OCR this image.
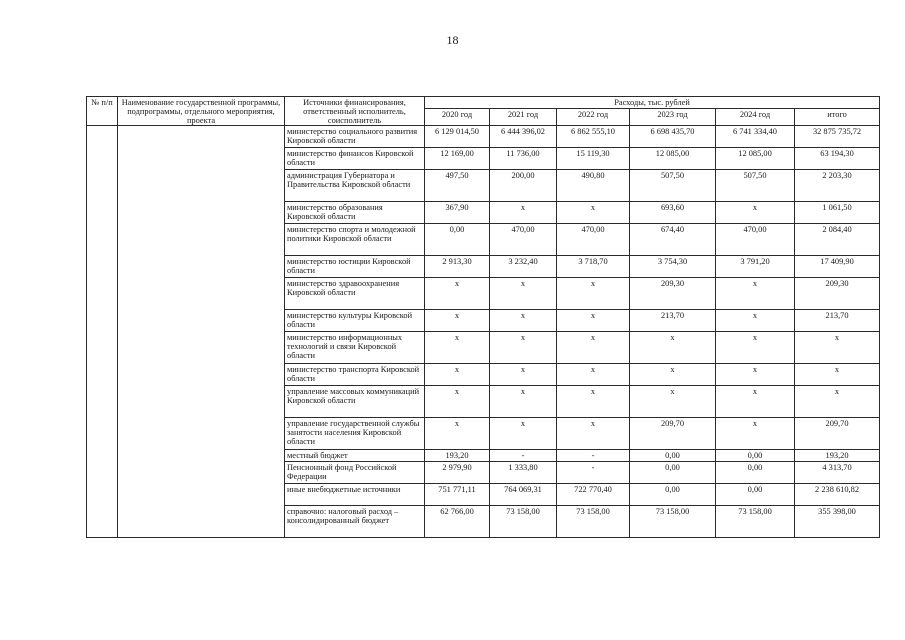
18
№ п/п	Наименование государственной программы, подпрограммы, отдельного мероприятия, проекта	Источники финансирования, ответственный исполнитель, соисполнитель	Расходы, тыс. рублей					
			2020 год	2021 год	2022 год	2023 год	2024 год	итого
		министерство социального развития Кировской области	6 129 014,50	6 444 396,02	6 862 555,10	6 698 435,70	6 741 334,40	32 875 735,72
		министерство финансов Кировской области	12 169,00	11 736,00	15 119,30	12 085,00	12 085,00	63 194,30
		администрация Губернатора и Правительства Кировской области	497,50	200,00	490,80	507,50	507,50	2 203,30
		министерство образования Кировской области	367,90	х	х	693,60	х	1 061,50
		министерство спорта и молодежной политики Кировской области	0,00	470,00	470,00	674,40	470,00	2 084,40
		министерство юстиции Кировской области	2 913,30	3 232,40	3 718,70	3 754,30	3 791,20	17 409,90
		министерство здравоохранения Кировской области	х	х	х	209,30	х	209,30
		министерство культуры Кировской области	х	х	х	213,70	х	213,70
		министерство информационных технологий и связи Кировской области	х	х	х	х	х	х
		министерство транспорта Кировской области	х	х	х	х	х	х
		управление массовых коммуникаций Кировской области	х	х	х	х	х	х
		управление государственной службы занятости населения Кировской области	х	х	х	209,70	х	209,70
		местный бюджет	193,20	-	-	0,00	0,00	193,20
		Пенсионный фонд Российской Федерации	2 979,90	1 333,80	-	0,00	0,00	4 313,70
		иные внебюджетные источники	751 771,11	764 069,31	722 770,40	0,00	0,00	2 238 610,82
		справочно: налоговый расход – консолидированный бюджет	62 766,00	73 158,00	73 158,00	73 158,00	73 158,00	355 398,00
